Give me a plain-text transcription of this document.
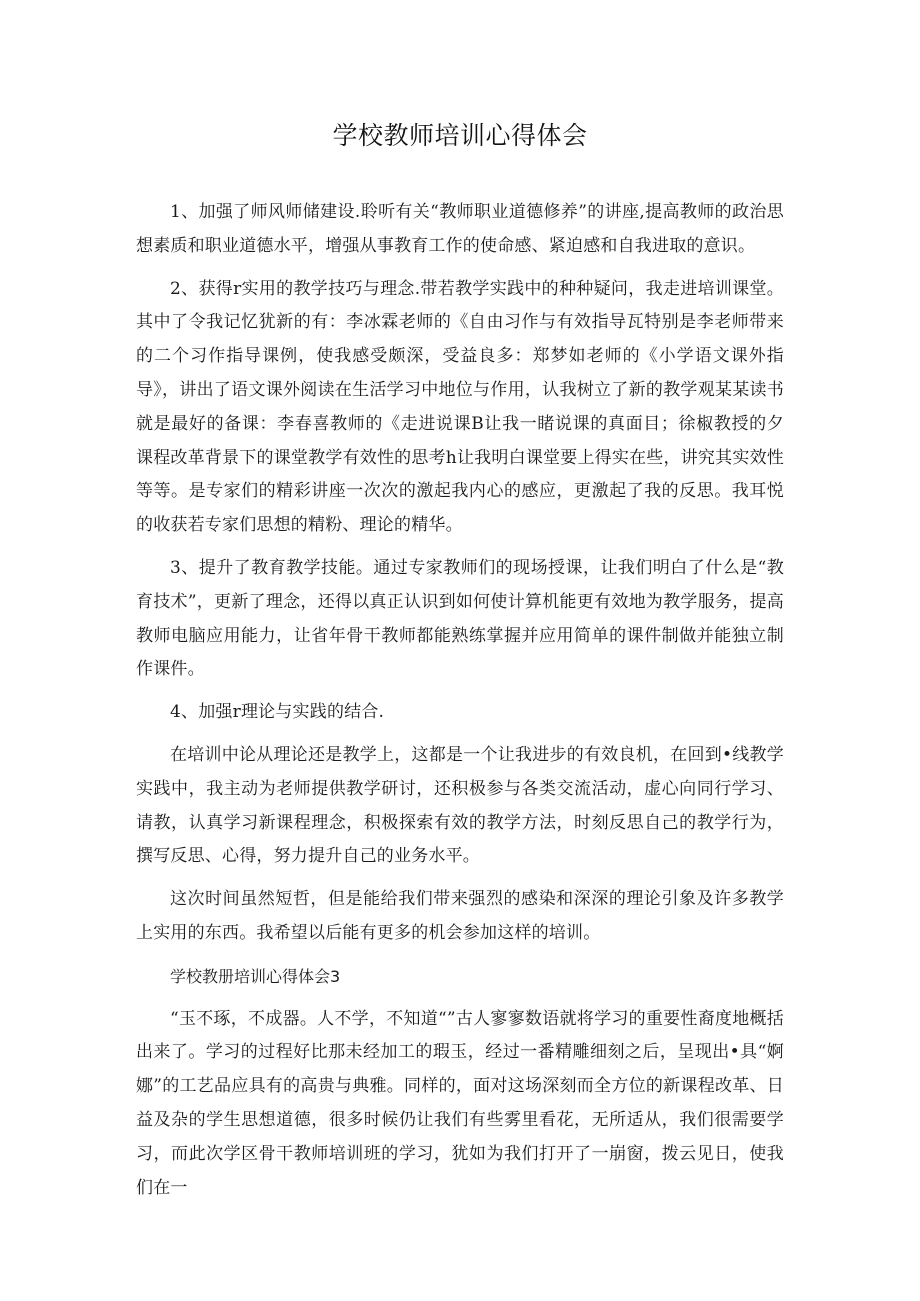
学校教师培训心得体会

1、加强了师风师储建设.聆听有关“教师职业道德修养”的讲座,提高教师的政治思想素质和职业道德水平，增强从事教育工作的使命感、紧迫感和自我进取的意识。

2、获得r实用的教学技巧与理念.带若教学实践中的种种疑问，我走进培训课堂。其中了令我记忆犹新的有：李冰霖老师的《自由习作与有效指导瓦特别是李老师带来的二个习作指导课例，使我感受颇深，受益良多：郑梦如老师的《小学语文课外指导》，讲出了语文课外阅读在生活学习中地位与作用，认我树立了新的教学观某某读书就是最好的备课：李春喜教师的《走进说课B让我一睹说课的真面目；徐椒教授的夕课程改革背景下的课堂教学有效性的思考h让我明白课堂要上得实在些，讲究其实效性等等。是专家们的精彩讲座一次次的激起我内心的感应，更激起了我的反思。我耳悦的收获若专家们思想的精粉、理论的精华。

3、提升了教育教学技能。通过专家教师们的现场授课，让我们明白了什么是“教育技术”，更新了理念，还得以真正认识到如何使计算机能更有效地为教学服务，提高教师电脑应用能力，让省年骨干教师都能熟练掌握并应用简单的课件制做并能独立制作课件。

4、加强r理论与实践的结合.

在培训中论从理论还是教学上，这都是一个让我进步的有效良机，在回到•线教学实践中，我主动为老师提供教学研讨，还积极参与各类交流活动，虚心向同行学习、请教，认真学习新课程理念，积极探索有效的教学方法，时刻反思自己的教学行为，撰写反思、心得，努力提升自己的业务水平。

这次时间虽然短哲，但是能给我们带来强烈的感染和深深的理论引象及许多教学上实用的东西。我希望以后能有更多的机会参加这样的培训。

学校教册培训心得体会3

“玉不琢，不成器。人不学，不知道“”古人寥寥数语就将学习的重要性裔度地概括出来了。学习的过程好比那未经加工的瑕玉，经过一番精雕细刻之后，呈现出•具“婀娜”的工艺品应具有的高贵与典雅。同样的，面对这场深刻而全方位的新课程改革、日益及杂的学生思想道德，很多时候仍让我们有些雾里看花，无所适从，我们很需要学习，而此次学区骨干教师培训班的学习，犹如为我们打开了一崩窗，拨云见日，使我们在一
